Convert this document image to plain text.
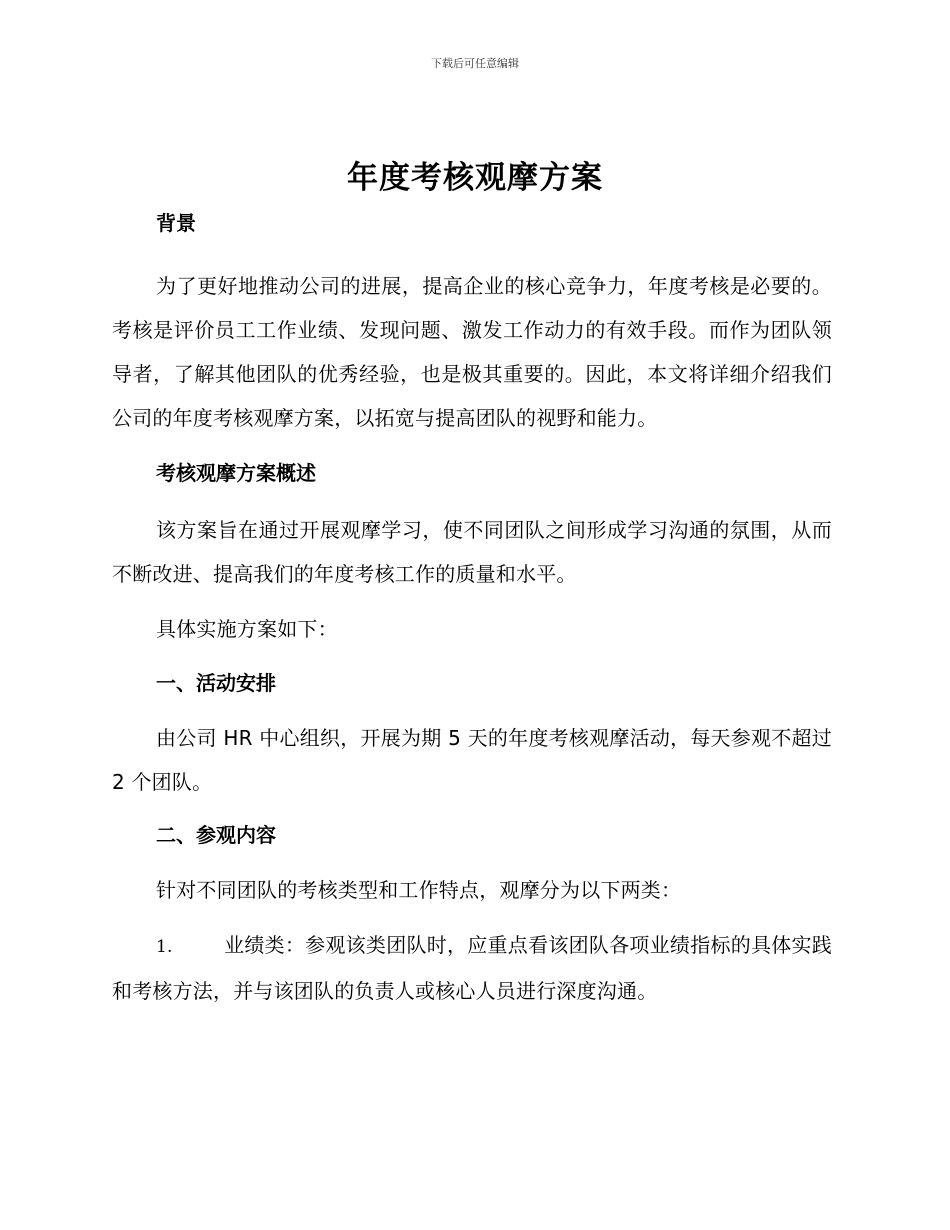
下载后可任意编辑
年度考核观摩方案

背景

为了更好地推动公司的进展，提高企业的核心竞争力，年度考核是必要的。考核是评价员工工作业绩、发现问题、激发工作动力的有效手段。而作为团队领导者，了解其他团队的优秀经验，也是极其重要的。因此，本文将详细介绍我们公司的年度考核观摩方案，以拓宽与提高团队的视野和能力。

考核观摩方案概述

该方案旨在通过开展观摩学习，使不同团队之间形成学习沟通的氛围，从而不断改进、提高我们的年度考核工作的质量和水平。

具体实施方案如下：

一、活动安排

由公司 HR 中心组织，开展为期 5 天的年度考核观摩活动，每天参观不超过 2 个团队。

二、参观内容

针对不同团队的考核类型和工作特点，观摩分为以下两类：

1.	业绩类：参观该类团队时，应重点看该团队各项业绩指标的具体实践和考核方法，并与该团队的负责人或核心人员进行深度沟通。
